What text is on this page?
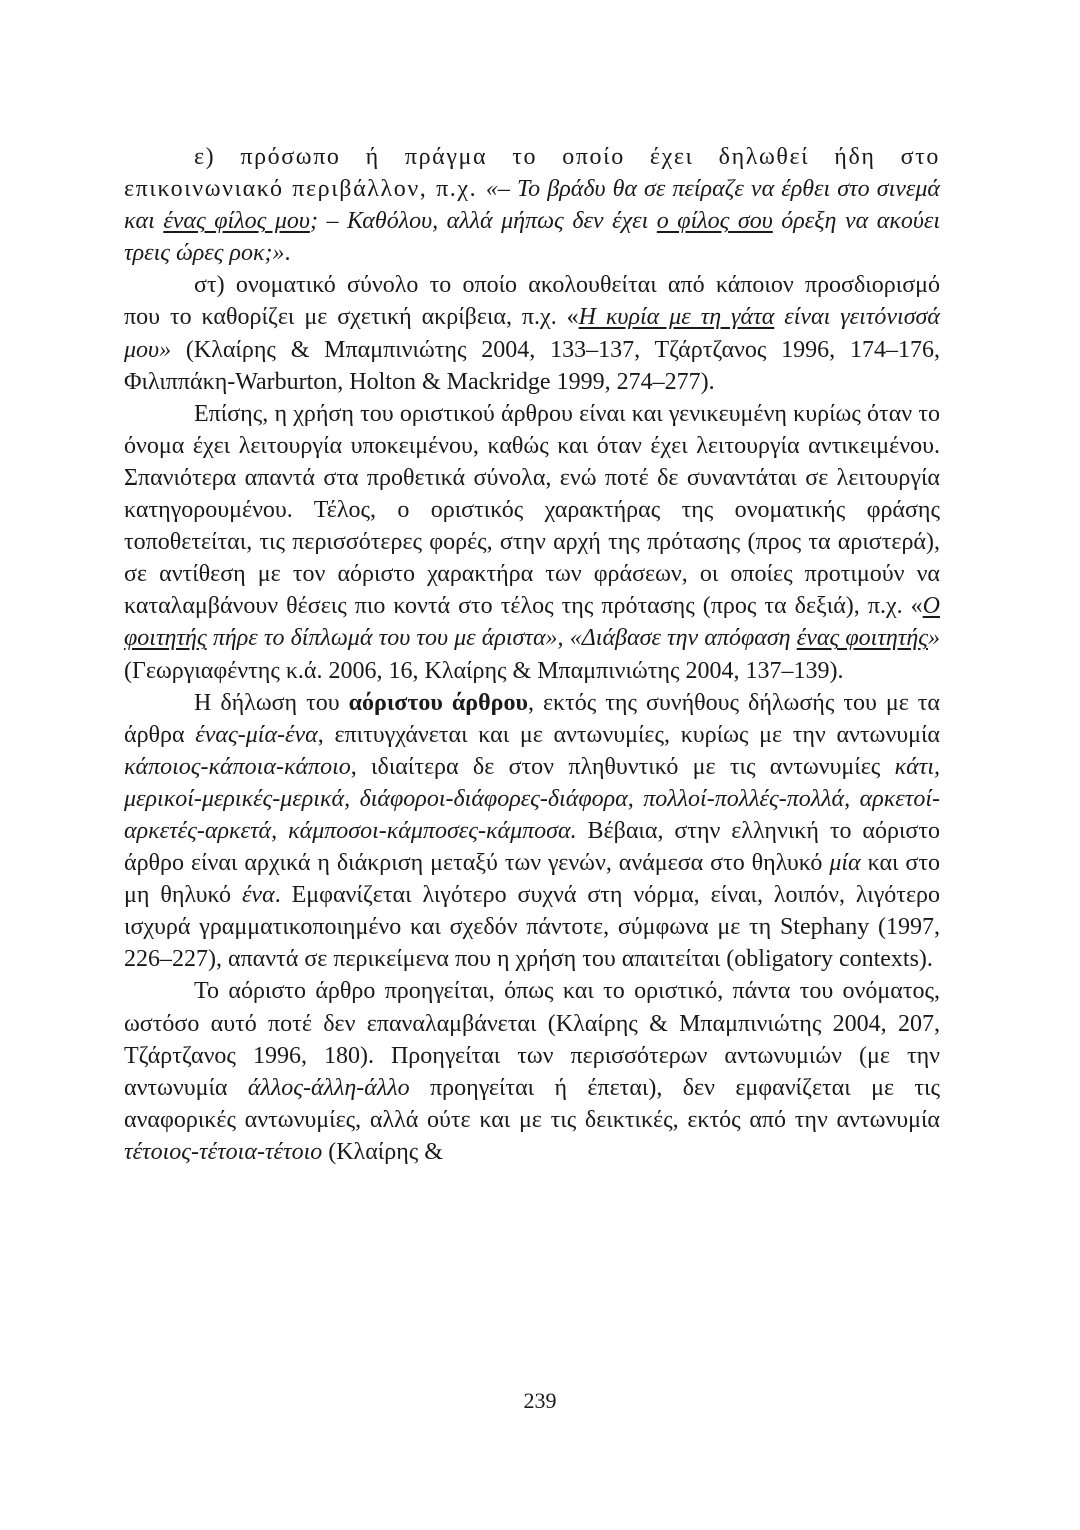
ε) πρόσωπο ή πράγμα το οποίο έχει δηλωθεί ήδη στο επικοινωνιακό περιβάλλον, π.χ. «– Το βράδυ θα σε πείραζε να έρθει στο σινεμά και ένας φίλος μου; – Καθόλου, αλλά μήπως δεν έχει ο φίλος σου όρεξη να ακούει τρεις ώρες ροκ;».

στ) ονοματικό σύνολο το οποίο ακολουθείται από κάποιον προσδιορισμό που το καθορίζει με σχετική ακρίβεια, π.χ. «Η κυρία με τη γάτα είναι γειτόνισσά μου» (Κλαίρης & Μπαμπινιώτης 2004, 133–137, Τζάρτζανος 1996, 174–176, Φιλιππάκη-Warburton, Holton & Mackridge 1999, 274–277).

Επίσης, η χρήση του οριστικού άρθρου είναι και γενικευμένη κυρίως όταν το όνομα έχει λειτουργία υποκειμένου, καθώς και όταν έχει λειτουργία αντικειμένου. Σπανιότερα απαντά στα προθετικά σύνολα, ενώ ποτέ δε συναντάται σε λειτουργία κατηγορουμένου. Τέλος, ο οριστικός χαρακτήρας της ονοματικής φράσης τοποθετείται, τις περισσότερες φορές, στην αρχή της πρότασης (προς τα αριστερά), σε αντίθεση με τον αόριστο χαρακτήρα των φράσεων, οι οποίες προτιμούν να καταλαμβάνουν θέσεις πιο κοντά στο τέλος της πρότασης (προς τα δεξιά), π.χ. «Ο φοιτητής πήρε το δίπλωμά του του με άριστα», «Διάβασε την απόφαση ένας φοιτητής» (Γεωργιαφέντης κ.ά. 2006, 16, Κλαίρης & Μπαμπινιώτης 2004, 137–139).

Η δήλωση του αόριστου άρθρου, εκτός της συνήθους δήλωσής του με τα άρθρα ένας-μία-ένα, επιτυγχάνεται και με αντωνυμίες, κυρίως με την αντωνυμία κάποιος-κάποια-κάποιο, ιδιαίτερα δε στον πληθυντικό με τις αντωνυμίες κάτι, μερικοί-μερικές-μερικά, διάφοροι-διάφορες-διάφορα, πολλοί-πολλές-πολλά, αρκετοί-αρκετές-αρκετά, κάμποσοι-κάμποσες-κάμποσα. Βέβαια, στην ελληνική το αόριστο άρθρο είναι αρχικά η διάκριση μεταξύ των γενών, ανάμεσα στο θηλυκό μία και στο μη θηλυκό ένα. Εμφανίζεται λιγότερο συχνά στη νόρμα, είναι, λοιπόν, λιγότερο ισχυρά γραμματικοποιημένο και σχεδόν πάντοτε, σύμφωνα με τη Stephany (1997, 226–227), απαντά σε περικείμενα που η χρήση του απαιτείται (obligatory contexts).

Το αόριστο άρθρο προηγείται, όπως και το οριστικό, πάντα του ονόματος, ωστόσο αυτό ποτέ δεν επαναλαμβάνεται (Κλαίρης & Μπαμπινιώτης 2004, 207, Τζάρτζανος 1996, 180). Προηγείται των περισσότερων αντωνυμιών (με την αντωνυμία άλλος-άλλη-άλλο προηγείται ή έπεται), δεν εμφανίζεται με τις αναφορικές αντωνυμίες, αλλά ούτε και με τις δεικτικές, εκτός από την αντωνυμία τέτοιος-τέτοια-τέτοιο (Κλαίρης &

239
